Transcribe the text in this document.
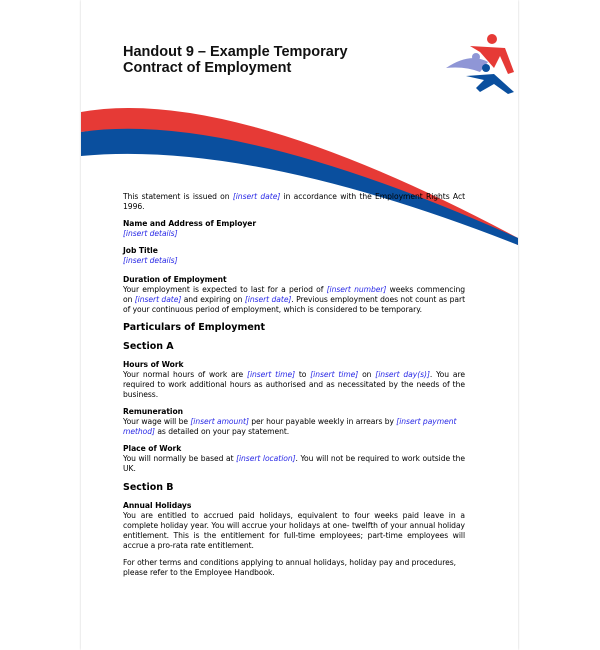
Handout 9 – Example Temporary
Contract of Employment
This statement is issued on [insert date] in accordance with the Employment Rights Act 1996.
Name and Address of Employer
[insert details]
Job Title
[insert details]
Duration of Employment
Your employment is expected to last for a period of [insert number] weeks commencing on [insert date] and expiring on [insert date]. Previous employment does not count as part of your continuous period of employment, which is considered to be temporary.
Particulars of Employment
Section A
Hours of Work
Your normal hours of work are [insert time] to [insert time] on [insert day(s)]. You are required to work additional hours as authorised and as necessitated by the needs of the business.
Remuneration
Your wage will be [insert amount] per hour payable weekly in arrears by [insert payment method] as detailed on your pay statement.
Place of Work
You will normally be based at [insert location]. You will not be required to work outside the UK.
Section B
Annual Holidays
You are entitled to accrued paid holidays, equivalent to four weeks paid leave in a complete holiday year. You will accrue your holidays at one- twelfth of your annual holiday entitlement. This is the entitlement for full-time employees; part-time employees will accrue a pro-rata rate entitlement.
For other terms and conditions applying to annual holidays, holiday pay and procedures, please refer to the Employee Handbook.
